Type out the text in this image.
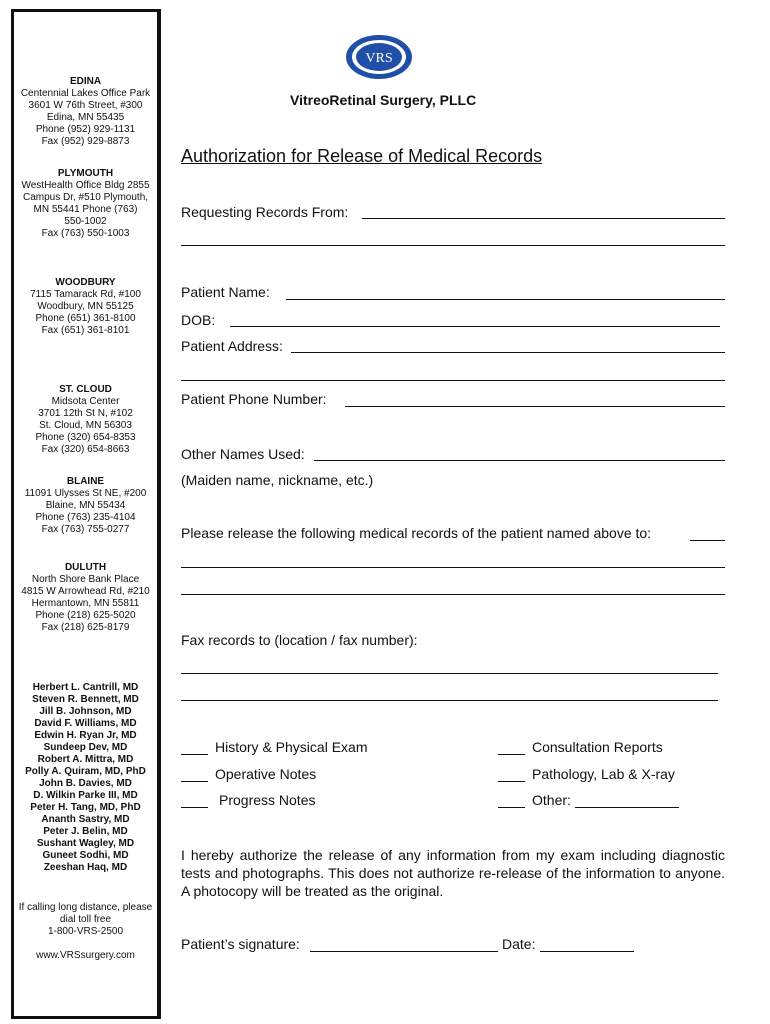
EDINA
Centennial Lakes Office Park
3601 W 76th Street, #300
Edina, MN 55435
Phone (952) 929-1131
Fax (952) 929-8873
PLYMOUTH
WestHealth Office Bldg 2855
Campus Dr, #510 Plymouth,
MN 55441 Phone (763)
550-1002
Fax (763) 550-1003
WOODBURY
7115 Tamarack Rd, #100
Woodbury, MN 55125
Phone (651) 361-8100
Fax (651) 361-8101
ST. CLOUD
Midsota Center
3701 12th St N, #102
St. Cloud, MN 56303
Phone (320) 654-8353
Fax (320) 654-8663
BLAINE
11091 Ulysses St NE, #200
Blaine, MN 55434
Phone (763) 235-4104
Fax (763) 755-0277
DULUTH
North Shore Bank Place
4815 W Arrowhead Rd, #210
Hermantown, MN 55811
Phone (218) 625-5020
Fax (218) 625-8179
Herbert L. Cantrill, MD
Steven R. Bennett, MD
Jill B. Johnson, MD
David F. Williams, MD
Edwin H. Ryan Jr, MD
Sundeep Dev, MD
Robert A. Mittra, MD
Polly A. Quiram, MD, PhD
John B. Davies, MD
D. Wilkin Parke III, MD
Peter H. Tang, MD, PhD
Ananth Sastry, MD
Peter J. Belin, MD
Sushant Wagley, MD
Guneet Sodhi, MD
Zeeshan Haq, MD
If calling long distance, please
dial toll free
1-800-VRS-2500
www.VRSsurgery.com
VRS
VitreoRetinal Surgery, PLLC
Authorization for Release of Medical Records
Requesting Records From:
Patient Name:
DOB:
Patient Address:
Patient Phone Number:
Other Names Used:
(Maiden name, nickname, etc.)
Please release the following medical records of the patient named above to:
Fax records to (location / fax number):
History & Physical Exam
Operative Notes
Progress Notes
Consultation Reports
Pathology, Lab & X-ray
Other:
I hereby authorize the release of any information from my exam including diagnostic tests and photographs. This does not authorize re-release of the information to anyone. A photocopy will be treated as the original.
Patient’s signature:	Date:
